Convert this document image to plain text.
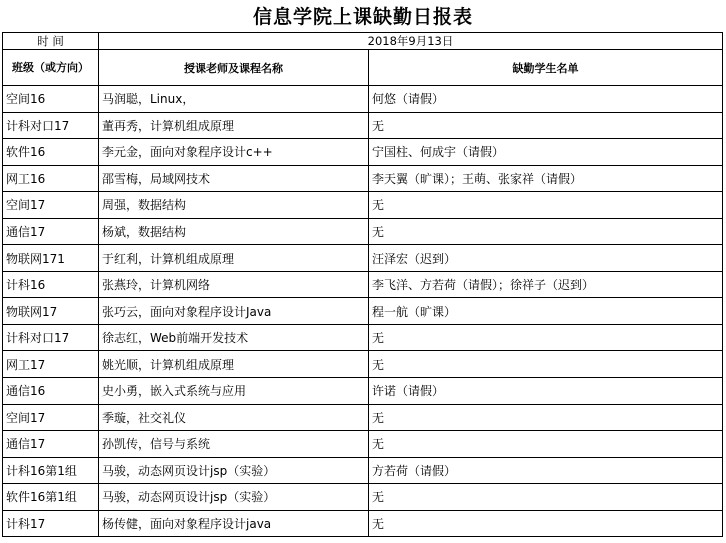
信息学院上课缺勤日报表
时 间	2018年9月13日	
班级（或方向）	授课老师及课程名称	缺勤学生名单
空间16	马润聪，Linux，	何悠（请假）
计科对口17	董再秀，计算机组成原理	无
软件16	李元金，面向对象程序设计c++	宁国柱、何成宇（请假）
网工16	邵雪梅，局域网技术	李天翼（旷课）；王萌、张家祥（请假）
空间17	周强，数据结构	无
通信17	杨斌，数据结构	无
物联网171	于红利，计算机组成原理	汪泽宏（迟到）
计科16	张燕玲，计算机网络	李飞洋、方若荷（请假）；徐祥子（迟到）
物联网17	张巧云，面向对象程序设计Java	程一航（旷课）
计科对口17	徐志红，Web前端开发技术	无
网工17	姚光顺，计算机组成原理	无
通信16	史小勇，嵌入式系统与应用	许诺（请假）
空间17	季璇，社交礼仪	无
通信17	孙凯传，信号与系统	无
计科16第1组	马骏，动态网页设计jsp（实验）	方若荷（请假）
软件16第1组	马骏，动态网页设计jsp（实验）	无
计科17	杨传健，面向对象程序设计java	无
